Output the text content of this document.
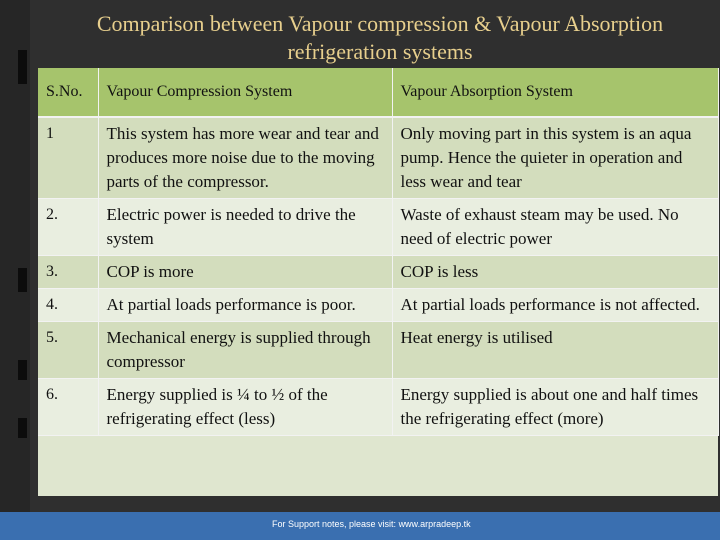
Comparison between Vapour compression & Vapour Absorption refrigeration systems
S.No.	Vapour Compression System	Vapour Absorption System
1	This system has more wear and tear and produces more noise due to the moving parts of the compressor.	Only moving part in this system is an aqua pump. Hence the quieter in operation and less wear and tear
2.	Electric power is needed to drive the system	Waste of exhaust steam may be used. No need of electric power
3.	COP is more	COP is less
4.	At partial loads performance is poor.	At partial loads performance is not affected.
5.	Mechanical energy is supplied through compressor	Heat energy is utilised
6.	Energy supplied is ¼ to ½ of the refrigerating effect (less)	Energy supplied is about one and half times the refrigerating effect (more)
For Support notes, please visit: www.arpradeep.tk
